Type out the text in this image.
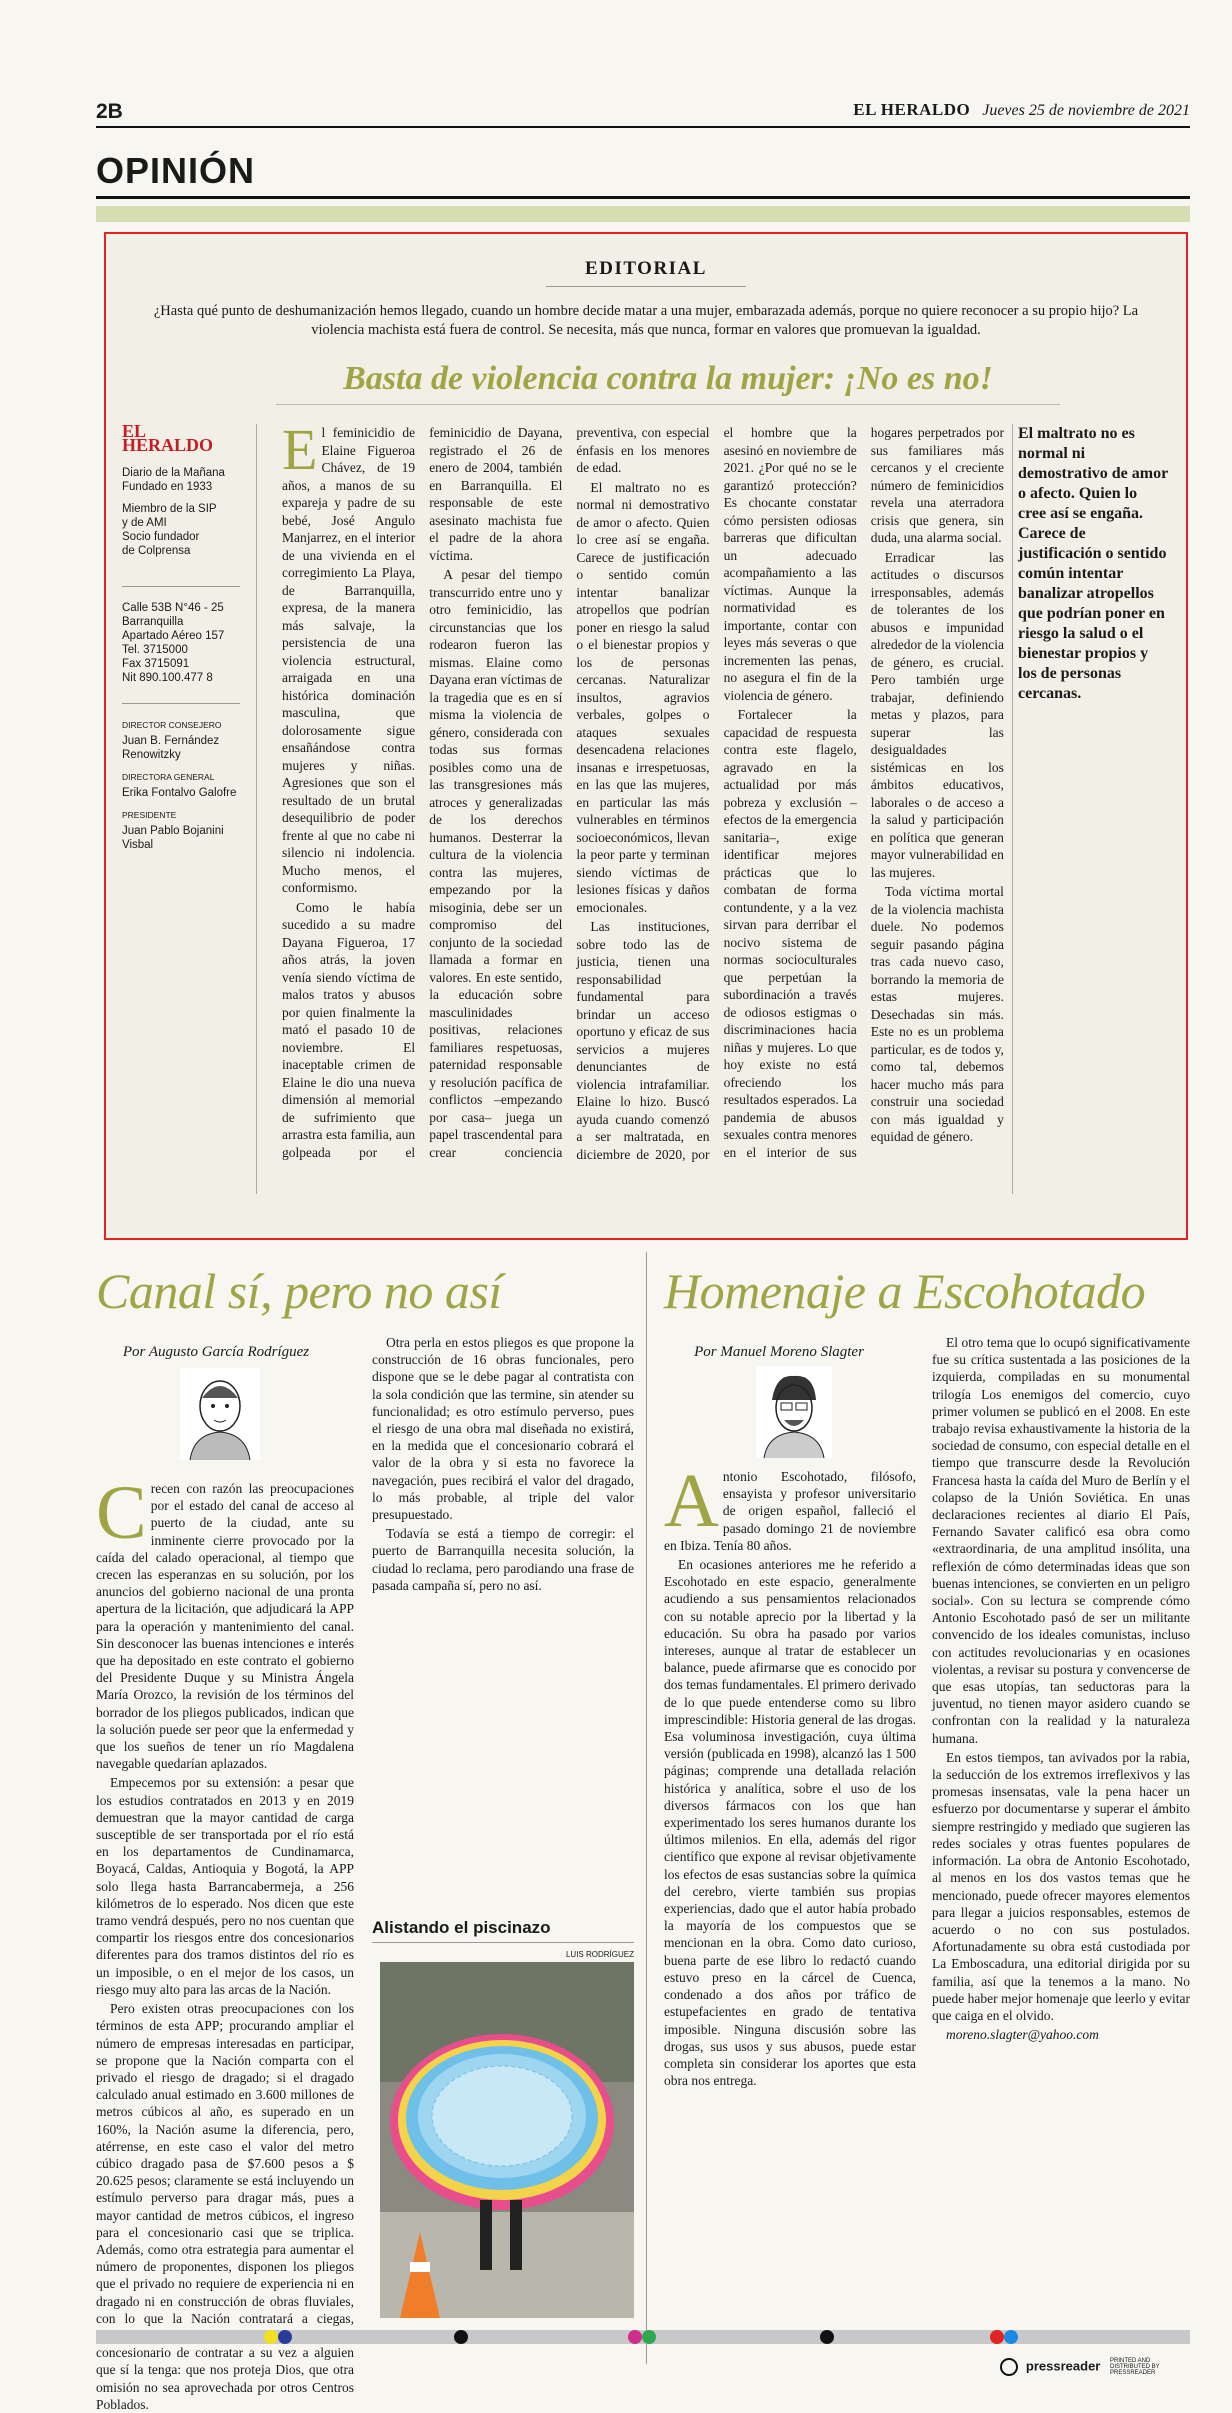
2B	EL HERALDO Jueves 25 de noviembre de 2021
OPINIÓN
EDITORIAL
¿Hasta qué punto de deshumanización hemos llegado, cuando un hombre decide matar a una mujer, embarazada además, porque no quiere reconocer a su propio hijo? La violencia machista está fuera de control. Se necesita, más que nunca, formar en valores que promuevan la igualdad.
Basta de violencia contra la mujer: ¡No es no!
EL HERALDO

Diario de la Mañana
Fundado en 1933

Miembro de la SIP
y de AMI
Socio fundador
de Colprensa

Calle 53B N°46 - 25
Barranquilla
Apartado Aéreo 157
Tel. 3715000
Fax 3715091
Nit 890.100.477 8

DIRECTOR CONSEJERO

Juan B. Fernández Renowitzky

DIRECTORA GENERAL

Erika Fontalvo Galofre

PRESIDENTE

Juan Pablo Bojanini Visbal

El feminicidio de Elaine Figueroa Chávez, de 19 años, a manos de su expareja y padre de su bebé, José Angulo Manjarrez, en el interior de una vivienda en el corregimiento La Playa, de Barranquilla, expresa, de la manera más salvaje, la persistencia de una violencia estructural, arraigada en una histórica dominación masculina, que dolorosamente sigue ensañándose contra mujeres y niñas. Agresiones que son el resultado de un brutal desequilibrio de poder frente al que no cabe ni silencio ni indolencia. Mucho menos, el conformismo.

Como le había sucedido a su madre Dayana Figueroa, 17 años atrás, la joven venía siendo víctima de malos tratos y abusos por quien finalmente la mató el pasado 10 de noviembre. El inaceptable crimen de Elaine le dio una nueva dimensión al memorial de sufrimiento que arrastra esta familia, aun golpeada por el feminicidio de Dayana, registrado el 26 de enero de 2004, también en Barranquilla. El responsable de este asesinato machista fue el padre de la ahora víctima.

A pesar del tiempo transcurrido entre uno y otro feminicidio, las circunstancias que los rodearon fueron las mismas. Elaine como Dayana eran víctimas de la tragedia que es en sí misma la violencia de género, considerada con todas sus formas posibles como una de las transgresiones más atroces y generalizadas de los derechos humanos. Desterrar la cultura de la violencia contra las mujeres, empezando por la misoginia, debe ser un compromiso del conjunto de la sociedad llamada a formar en valores. En este sentido, la educación sobre masculinidades positivas, relaciones familiares respetuosas, paternidad responsable y resolución pacífica de conflictos –empezando por casa– juega un papel trascendental para crear conciencia preventiva, con especial énfasis en los menores de edad.

El maltrato no es normal ni demostrativo de amor o afecto. Quien lo cree así se engaña. Carece de justificación o sentido común intentar banalizar atropellos que podrían poner en riesgo la salud o el bienestar propios y los de personas cercanas. Naturalizar insultos, agravios verbales, golpes o ataques sexuales desencadena relaciones insanas e irrespetuosas, en las que las mujeres, en particular las más vulnerables en términos socioeconómicos, llevan la peor parte y terminan siendo víctimas de lesiones físicas y daños emocionales.

Las instituciones, sobre todo las de justicia, tienen una responsabilidad fundamental para brindar un acceso oportuno y eficaz de sus servicios a mujeres denunciantes de violencia intrafamiliar. Elaine lo hizo. Buscó ayuda cuando comenzó a ser maltratada, en diciembre de 2020, por el hombre que la asesinó en noviembre de 2021. ¿Por qué no se le garantizó protección? Es chocante constatar cómo persisten odiosas barreras que dificultan un adecuado acompañamiento a las víctimas. Aunque la normatividad es importante, contar con leyes más severas o que incrementen las penas, no asegura el fin de la violencia de género.

Fortalecer la capacidad de respuesta contra este flagelo, agravado en la actualidad por más pobreza y exclusión –efectos de la emergencia sanitaria–, exige identificar mejores prácticas que lo combatan de forma contundente, y a la vez sirvan para derribar el nocivo sistema de normas socioculturales que perpetúan la subordinación a través de odiosos estigmas o discriminaciones hacia niñas y mujeres. Lo que hoy existe no está ofreciendo los resultados esperados. La pandemia de abusos sexuales contra menores en el interior de sus hogares perpetrados por sus familiares más cercanos y el creciente número de feminicidios revela una aterradora crisis que genera, sin duda, una alarma social.

Erradicar las actitudes o discursos irresponsables, además de tolerantes de los abusos e impunidad alrededor de la violencia de género, es crucial. Pero también urge trabajar, definiendo metas y plazos, para superar las desigualdades sistémicas en los ámbitos educativos, laborales o de acceso a la salud y participación en política que generan mayor vulnerabilidad en las mujeres.

Toda víctima mortal de la violencia machista duele. No podemos seguir pasando página tras cada nuevo caso, borrando la memoria de estas mujeres. Desechadas sin más. Este no es un problema particular, es de todos y, como tal, debemos hacer mucho más para construir una sociedad con más igualdad y equidad de género.

El maltrato no es normal ni demostrativo de amor o afecto. Quien lo cree así se engaña. Carece de justificación o sentido común intentar banalizar atropellos que podrían poner en riesgo la salud o el bienestar propios y los de personas cercanas.
Canal sí, pero no así
Por Augusto García Rodríguez

Crecen con razón las preocupaciones por el estado del canal de acceso al puerto de la ciudad, ante su inminente cierre provocado por la caída del calado operacional, al tiempo que crecen las esperanzas en su solución, por los anuncios del gobierno nacional de una pronta apertura de la licitación, que adjudicará la APP para la operación y mantenimiento del canal. Sin desconocer las buenas intenciones e interés que ha depositado en este contrato el gobierno del Presidente Duque y su Ministra Ángela María Orozco, la revisión de los términos del borrador de los pliegos publicados, indican que la solución puede ser peor que la enfermedad y que los sueños de tener un río Magdalena navegable quedarían aplazados.

Empecemos por su extensión: a pesar que los estudios contratados en 2013 y en 2019 demuestran que la mayor cantidad de carga susceptible de ser transportada por el río está en los departamentos de Cundinamarca, Boyacá, Caldas, Antioquia y Bogotá, la APP solo llega hasta Barrancabermeja, a 256 kilómetros de lo esperado. Nos dicen que este tramo vendrá después, pero no nos cuentan que compartir los riesgos entre dos concesionarios diferentes para dos tramos distintos del río es un imposible, o en el mejor de los casos, un riesgo muy alto para las arcas de la Nación.

Pero existen otras preocupaciones con los términos de esta APP; procurando ampliar el número de empresas interesadas en participar, se propone que la Nación comparta con el privado el riesgo de dragado; si el dragado calculado anual estimado en 3.600 millones de metros cúbicos al año, es superado en un 160%, la Nación asume la diferencia, pero, atérrense, en este caso el valor del metro cúbico dragado pasa de $7.600 pesos a $ 20.625 pesos; claramente se está incluyendo un estímulo perverso para dragar más, pues a mayor cantidad de metros cúbicos, el ingreso para el concesionario casi que se triplica. Además, como otra estrategia para aumentar el número de proponentes, disponen los pliegos que el privado no requiere de experiencia ni en dragado ni en construcción de obras fluviales, con lo que la Nación contratará a ciegas, concesionario de contratar a su vez a alguien que sí la tenga: que nos proteja Dios, que otra omisión no sea aprovechada por otros Centros Poblados.

Otra perla en estos pliegos es que propone la construcción de 16 obras funcionales, pero dispone que se le debe pagar al contratista con la sola condición que las termine, sin atender su funcionalidad; es otro estímulo perverso, pues el riesgo de una obra mal diseñada no existirá, en la medida que el concesionario cobrará el valor de la obra y si esta no favorece la navegación, pues recibirá el valor del dragado, lo más probable, al triple del valor presupuestado.

Todavía se está a tiempo de corregir: el puerto de Barranquilla necesita solución, la ciudad lo reclama, pero parodiando una frase de pasada campaña sí, pero no así.

Alistando el piscinazo
LUIS RODRÍGUEZ
Homenaje a Escohotado
Por Manuel Moreno Slagter

Antonio Escohotado, filósofo, ensayista y profesor universitario de origen español, falleció el pasado domingo 21 de noviembre en Ibiza. Tenía 80 años.

En ocasiones anteriores me he referido a Escohotado en este espacio, generalmente acudiendo a sus pensamientos relacionados con su notable aprecio por la libertad y la educación. Su obra ha pasado por varios intereses, aunque al tratar de establecer un balance, puede afirmarse que es conocido por dos temas fundamentales. El primero derivado de lo que puede entenderse como su libro imprescindible: Historia general de las drogas. Esa voluminosa investigación, cuya última versión (publicada en 1998), alcanzó las 1 500 páginas; comprende una detallada relación histórica y analítica, sobre el uso de los diversos fármacos con los que han experimentado los seres humanos durante los últimos milenios. En ella, además del rigor científico que expone al revisar objetivamente los efectos de esas sustancias sobre la química del cerebro, vierte también sus propias experiencias, dado que el autor había probado la mayoría de los compuestos que se mencionan en la obra. Como dato curioso, buena parte de ese libro lo redactó cuando estuvo preso en la cárcel de Cuenca, condenado a dos años por tráfico de estupefacientes en grado de tentativa imposible. Ninguna discusión sobre las drogas, sus usos y sus abusos, puede estar completa sin considerar los aportes que esta obra nos entrega.

El otro tema que lo ocupó significativamente fue su crítica sustentada a las posiciones de la izquierda, compiladas en su monumental trilogía Los enemigos del comercio, cuyo primer volumen se publicó en el 2008. En este trabajo revisa exhaustivamente la historia de la sociedad de consumo, con especial detalle en el tiempo que transcurre desde la Revolución Francesa hasta la caída del Muro de Berlín y el colapso de la Unión Soviética. En unas declaraciones recientes al diario El País, Fernando Savater calificó esa obra como «extraordinaria, de una amplitud insólita, una reflexión de cómo determinadas ideas que son buenas intenciones, se convierten en un peligro social». Con su lectura se comprende cómo Antonio Escohotado pasó de ser un militante convencido de los ideales comunistas, incluso con actitudes revolucionarias y en ocasiones violentas, a revisar su postura y convencerse de que esas utopías, tan seductoras para la juventud, no tienen mayor asidero cuando se confrontan con la realidad y la naturaleza humana.

En estos tiempos, tan avivados por la rabia, la seducción de los extremos irreflexivos y las promesas insensatas, vale la pena hacer un esfuerzo por documentarse y superar el ámbito siempre restringido y mediado que sugieren las redes sociales y otras fuentes populares de información. La obra de Antonio Escohotado, al menos en los dos vastos temas que he mencionado, puede ofrecer mayores elementos para llegar a juicios responsables, estemos de acuerdo o no con sus postulados. Afortunadamente su obra está custodiada por La Emboscadura, una editorial dirigida por su familia, así que la tenemos a la mano. No puede haber mejor homenaje que leerlo y evitar que caiga en el olvido.

moreno.slagter@yahoo.com

pressreader PRINTED AND DISTRIBUTED BY PRESSREADER
